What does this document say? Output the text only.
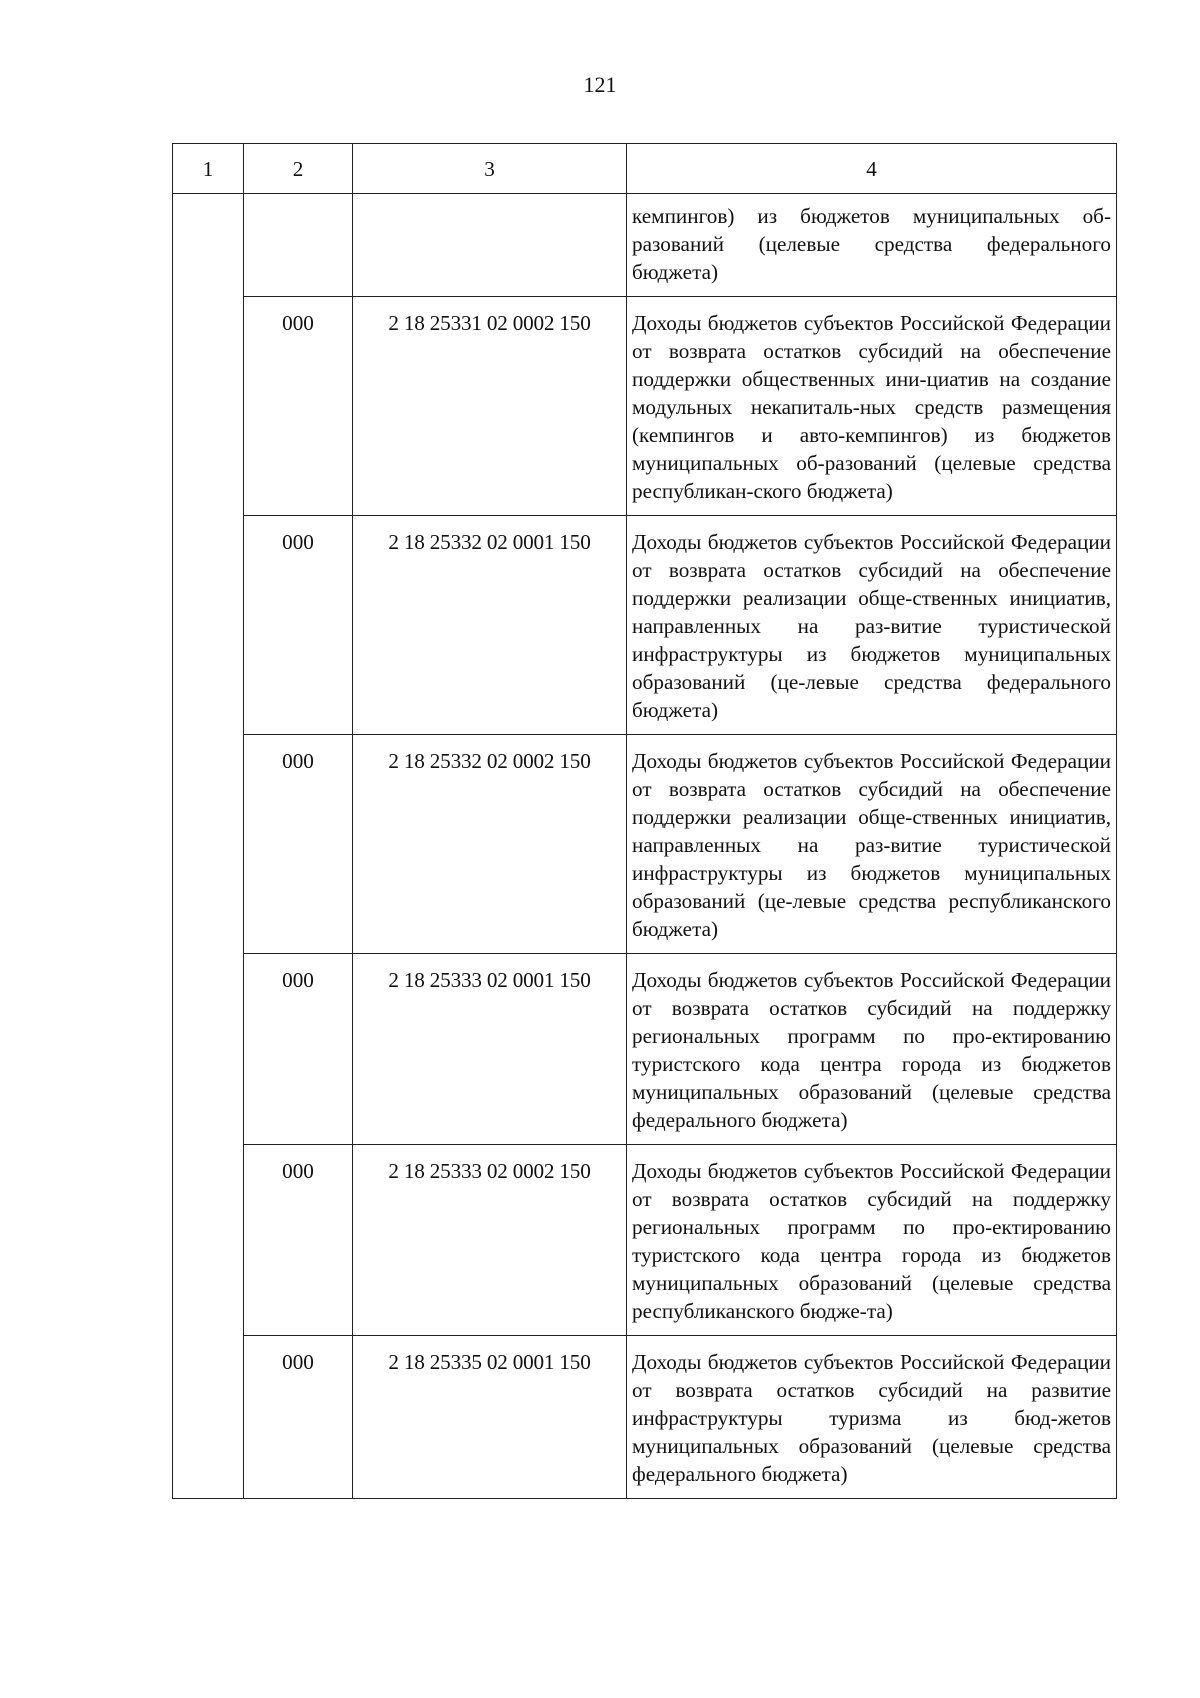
121
1	2	3	4
			кемпингов) из бюджетов муниципальных об-разований (целевые средства федерального бюджета)
	000	2 18 25331 02 0002 150	Доходы бюджетов субъектов Российской Федерации от возврата остатков субсидий на обеспечение поддержки общественных ини-циатив на создание модульных некапиталь-ных средств размещения (кемпингов и авто-кемпингов) из бюджетов муниципальных об-разований (целевые средства республикан-ского бюджета)
	000	2 18 25332 02 0001 150	Доходы бюджетов субъектов Российской Федерации от возврата остатков субсидий на обеспечение поддержки реализации обще-ственных инициатив, направленных на раз-витие туристической инфраструктуры из бюджетов муниципальных образований (це-левые средства федерального бюджета)
	000	2 18 25332 02 0002 150	Доходы бюджетов субъектов Российской Федерации от возврата остатков субсидий на обеспечение поддержки реализации обще-ственных инициатив, направленных на раз-витие туристической инфраструктуры из бюджетов муниципальных образований (це-левые средства республиканского бюджета)
	000	2 18 25333 02 0001 150	Доходы бюджетов субъектов Российской Федерации от возврата остатков субсидий на поддержку региональных программ по про-ектированию туристского кода центра города из бюджетов муниципальных образований (целевые средства федерального бюджета)
	000	2 18 25333 02 0002 150	Доходы бюджетов субъектов Российской Федерации от возврата остатков субсидий на поддержку региональных программ по про-ектированию туристского кода центра города из бюджетов муниципальных образований (целевые средства республиканского бюдже-та)
	000	2 18 25335 02 0001 150	Доходы бюджетов субъектов Российской Федерации от возврата остатков субсидий на развитие инфраструктуры туризма из бюд-жетов муниципальных образований (целевые средства федерального бюджета)
